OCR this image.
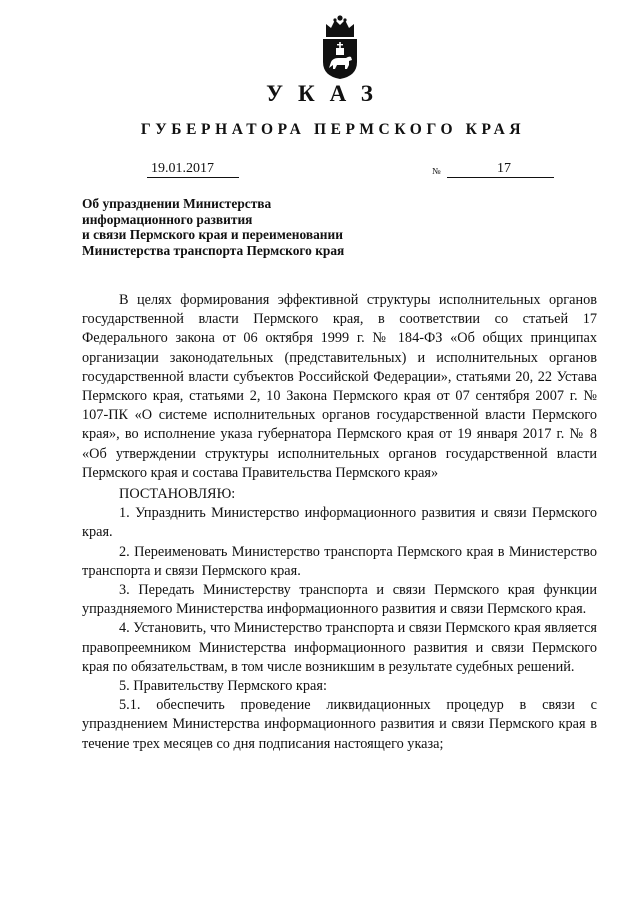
УКАЗ
ГУБЕРНАТОРА ПЕРМСКОГО КРАЯ
19.01.2017	№	17
Об упразднении Министерства
информационного развития
и связи Пермского края и переименовании
Министерства транспорта Пермского края

В целях формирования эффективной структуры исполнительных органов государственной власти Пермского края, в соответствии со статьей 17 Федерального закона от 06 октября 1999 г. № 184-ФЗ «Об общих принципах организации законодательных (представительных) и исполнительных органов государственной власти субъектов Российской Федерации», статьями 20, 22 Устава Пермского края, статьями 2, 10 Закона Пермского края от 07 сентября 2007 г. № 107-ПК «О системе исполнительных органов государственной власти Пермского края», во исполнение указа губернатора Пермского края от 19 января 2017 г. № 8 «Об утверждении структуры исполнительных органов государственной власти Пермского края и состава Правительства Пермского края»

ПОСТАНОВЛЯЮ:

1. Упразднить Министерство информационного развития и связи Пермского края.

2. Переименовать Министерство транспорта Пермского края в Министерство транспорта и связи Пермского края.

3. Передать Министерству транспорта и связи Пермского края функции упраздняемого Министерства информационного развития и связи Пермского края.

4. Установить, что Министерство транспорта и связи Пермского края является правопреемником Министерства информационного развития и связи Пермского края по обязательствам, в том числе возникшим в результате судебных решений.

5. Правительству Пермского края:

5.1. обеспечить проведение ликвидационных процедур в связи с упразднением Министерства информационного развития и связи Пермского края в течение трех месяцев со дня подписания настоящего указа;
